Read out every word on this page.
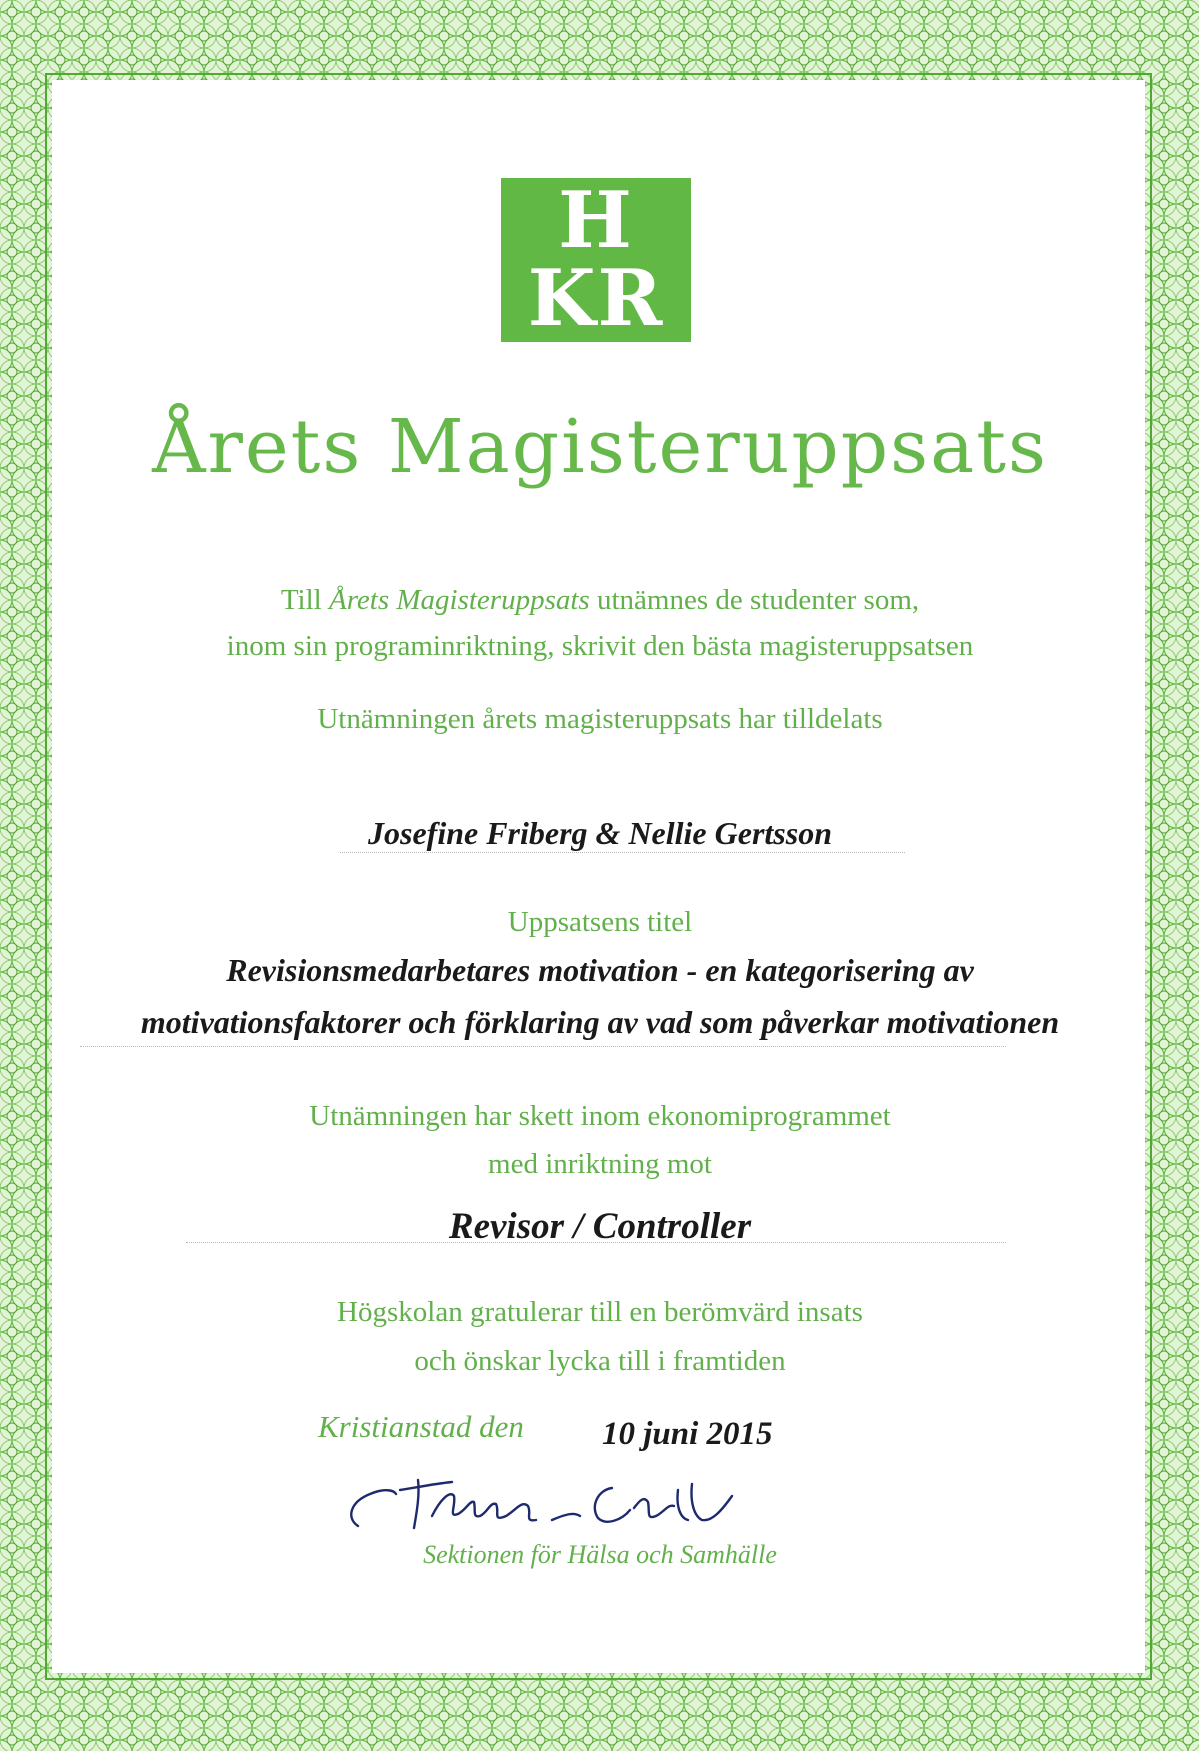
H
KR
Årets Magisteruppsats
Till Årets Magisteruppsats utnämnes de studenter som,
inom sin programinriktning, skrivit den bästa magisteruppsatsen
Utnämningen årets magisteruppsats har tilldelats
Josefine Friberg & Nellie Gertsson
Uppsatsens titel
Revisionsmedarbetares motivation - en kategorisering av
motivationsfaktorer och förklaring av vad som påverkar motivationen
Utnämningen har skett inom ekonomiprogrammet
med inriktning mot
Revisor / Controller
Högskolan gratulerar till en berömvärd insats
och önskar lycka till i framtiden
Kristianstad den	10 juni 2015
Sektionen för Hälsa och Samhälle
